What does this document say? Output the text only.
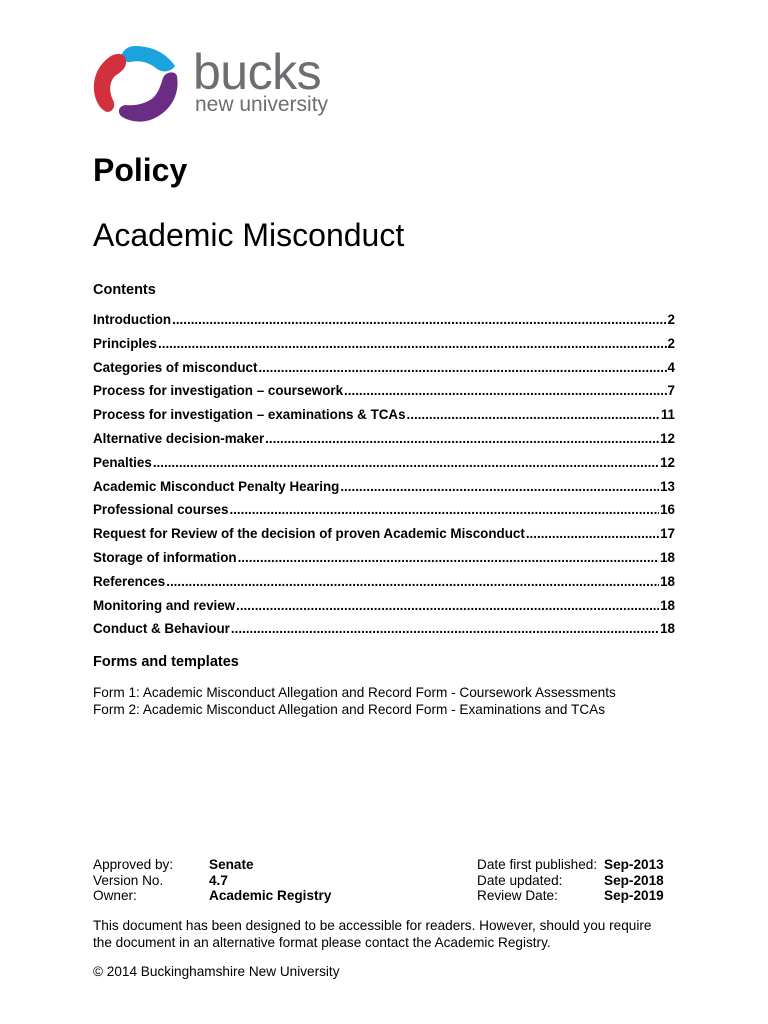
bucks
new university
Policy
Academic Misconduct
Contents
Introduction .....	2
Principles .....	2
Categories of misconduct .....	4
Process for investigation – coursework .....	7
Process for investigation – examinations & TCAs .....	11
Alternative decision-maker .....	12
Penalties .....	12
Academic Misconduct Penalty Hearing .....	13
Professional courses .....	16
Request for Review of the decision of proven Academic Misconduct .....	17
Storage of information .....	18
References .....	18
Monitoring and review .....	18
Conduct & Behaviour .....	18
Forms and templates
Form 1: Academic Misconduct Allegation and Record Form - Coursework Assessments
Form 2: Academic Misconduct Allegation and Record Form - Examinations and TCAs
Approved by:	Senate
Version No.	4.7
Owner:	Academic Registry
Date first published: Sep-2013
Date updated:	Sep-2018
Review Date:	Sep-2019

This document has been designed to be accessible for readers. However, should you require the document in an alternative format please contact the Academic Registry.

© 2014 Buckinghamshire New University
